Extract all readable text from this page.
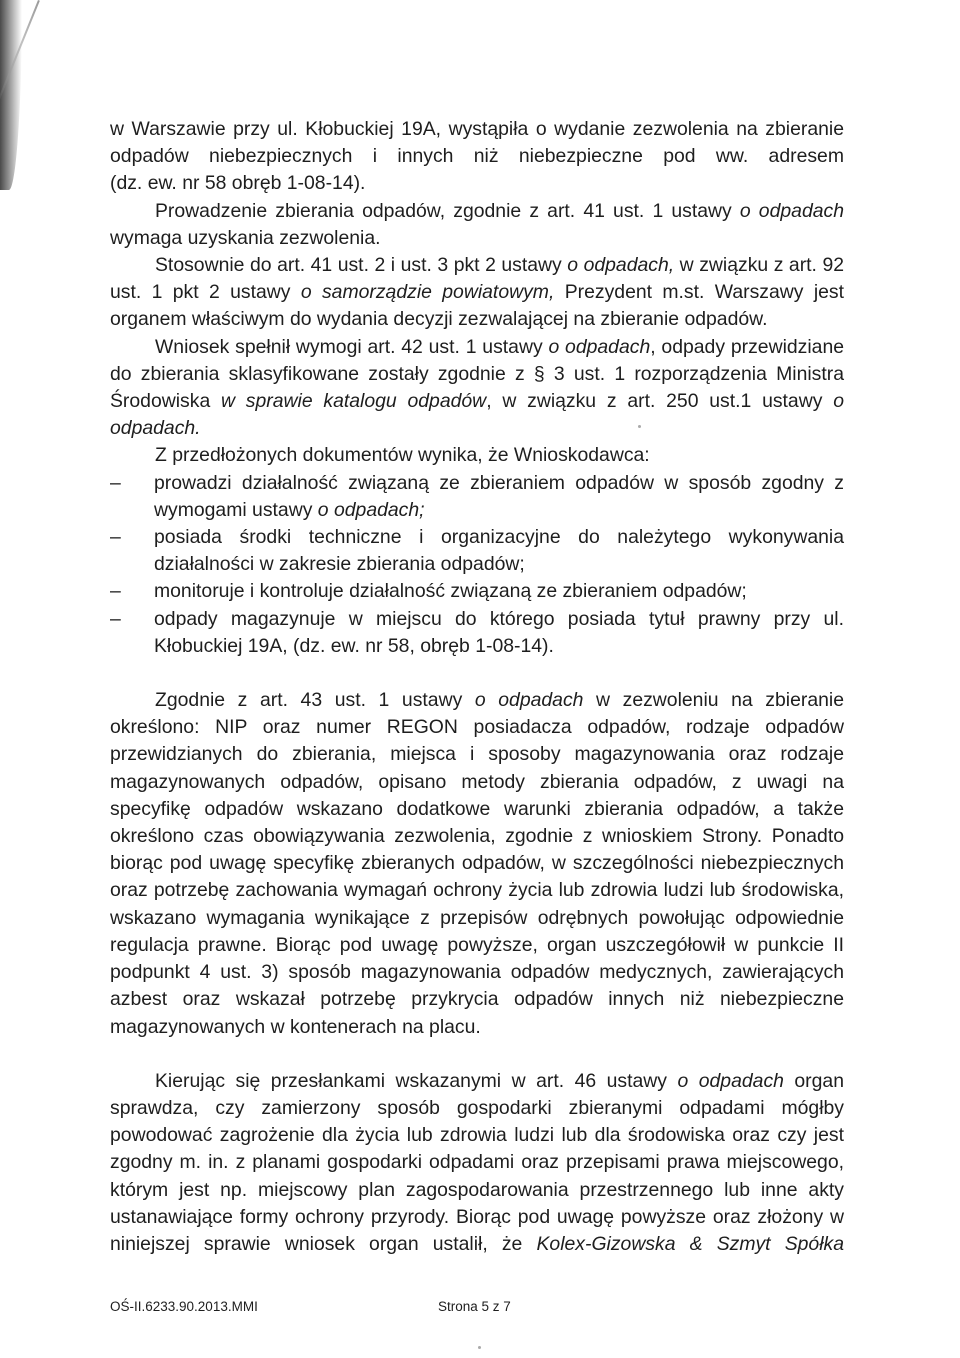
w Warszawie przy ul. Kłobuckiej 19A, wystąpiła o wydanie zezwolenia na zbieranie

odpadów niebezpiecznych i innych niż niebezpieczne pod ww. adresem

(dz. ew. nr 58 obręb 1-08-14).

Prowadzenie zbierania odpadów, zgodnie z art. 41 ust. 1 ustawy o odpadach wymaga uzyskania zezwolenia.

Stosownie do art. 41 ust. 2 i ust. 3 pkt 2 ustawy o odpadach, w związku z art. 92 ust. 1 pkt 2 ustawy o samorządzie powiatowym, Prezydent m.st. Warszawy jest organem właściwym do wydania decyzji zezwalającej na zbieranie odpadów.

Wniosek spełnił wymogi art. 42 ust. 1 ustawy o odpadach, odpady przewidziane do zbierania sklasyfikowane zostały zgodnie z § 3 ust. 1 rozporządzenia Ministra Środowiska w sprawie katalogu odpadów, w związku z art. 250 ust.1 ustawy o odpadach.

Z przedłożonych dokumentów wynika, że Wnioskodawca:

– prowadzi działalność związaną ze zbieraniem odpadów w sposób zgodny z wymogami ustawy o odpadach;

– posiada środki techniczne i organizacyjne do należytego wykonywania działalności w zakresie zbierania odpadów;

– monitoruje i kontroluje działalność związaną ze zbieraniem odpadów;

– odpady magazynuje w miejscu do którego posiada tytuł prawny przy ul. Kłobuckiej 19A, (dz. ew. nr 58, obręb 1-08-14).

Zgodnie z art. 43 ust. 1 ustawy o odpadach w zezwoleniu na zbieranie określono: NIP oraz numer REGON posiadacza odpadów, rodzaje odpadów przewidzianych do zbierania, miejsca i sposoby magazynowania oraz rodzaje magazynowanych odpadów, opisano metody zbierania odpadów, z uwagi na specyfikę odpadów wskazano dodatkowe warunki zbierania odpadów, a także określono czas obowiązywania zezwolenia, zgodnie z wnioskiem Strony. Ponadto biorąc pod uwagę specyfikę zbieranych odpadów, w szczególności niebezpiecznych oraz potrzebę zachowania wymagań ochrony życia lub zdrowia ludzi lub środowiska, wskazano wymagania wynikające z przepisów odrębnych powołując odpowiednie regulacja prawne. Biorąc pod uwagę powyższe, organ uszczegółowił w punkcie II podpunkt 4 ust. 3) sposób magazynowania odpadów medycznych, zawierających azbest oraz wskazał potrzebę przykrycia odpadów innych niż niebezpieczne magazynowanych w kontenerach na placu.

Kierując się przesłankami wskazanymi w art. 46 ustawy o odpadach organ sprawdza, czy zamierzony sposób gospodarki zbieranymi odpadami mógłby powodować zagrożenie dla życia lub zdrowia ludzi lub dla środowiska oraz czy jest zgodny m. in. z planami gospodarki odpadami oraz przepisami prawa miejscowego, którym jest np. miejscowy plan zagospodarowania przestrzennego lub inne akty ustanawiające formy ochrony przyrody. Biorąc pod uwagę powyższe oraz złożony w niniejszej sprawie wniosek organ ustalił, że Kolex-Gizowska & Szmyt Spółka

OŚ-II.6233.90.2013.MMI	Strona 5 z 7
